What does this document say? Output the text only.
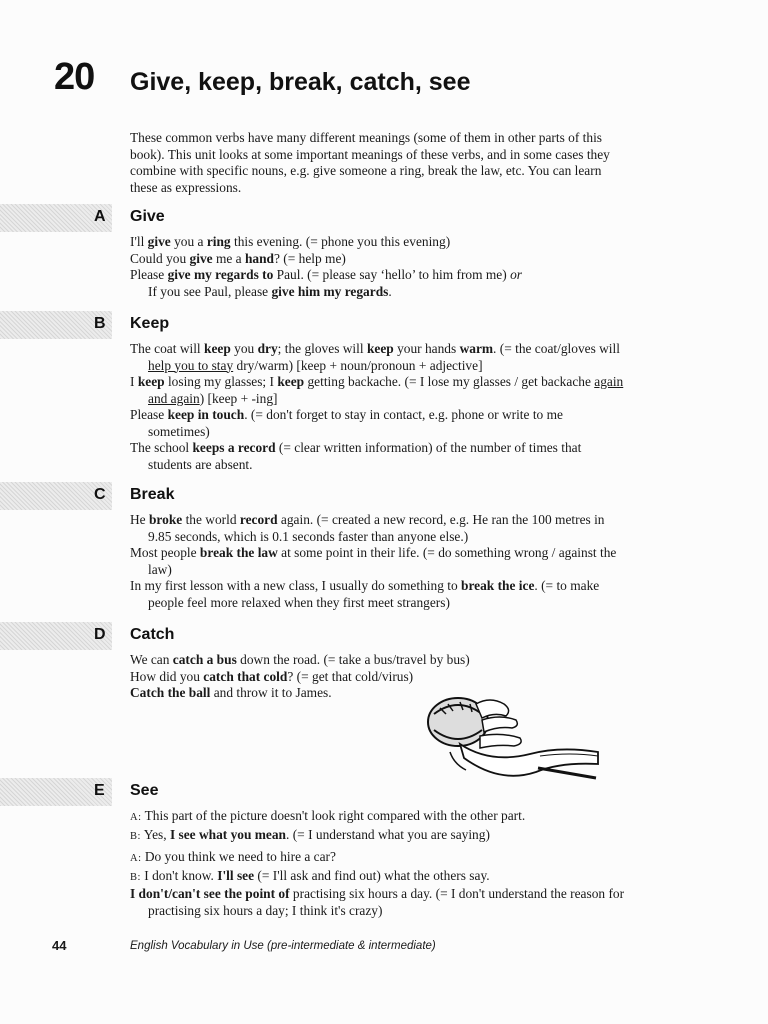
20 Give, keep, break, catch, see

These common verbs have many different meanings (some of them in other parts of this

book). This unit looks at some important meanings of these verbs, and in some cases they

combine with specific nouns, e.g. give someone a ring, break the law, etc. You can learn

these as expressions.

A Give

I'll give you a ring this evening. (= phone you this evening)

Could you give me a hand? (= help me)

Please give my regards to Paul. (= please say ‘hello’ to him from me) or

If you see Paul, please give him my regards.

B Keep

The coat will keep you dry; the gloves will keep your hands warm. (= the coat/gloves will

help you to stay dry/warm) [keep + noun/pronoun + adjective]

I keep losing my glasses; I keep getting backache. (= I lose my glasses / get backache again

and again) [keep + -ing]

Please keep in touch. (= don't forget to stay in contact, e.g. phone or write to me

sometimes)

The school keeps a record (= clear written information) of the number of times that

students are absent.

C Break

He broke the world record again. (= created a new record, e.g. He ran the 100 metres in

9.85 seconds, which is 0.1 seconds faster than anyone else.)

Most people break the law at some point in their life. (= do something wrong / against the

law)

In my first lesson with a new class, I usually do something to break the ice. (= to make

people feel more relaxed when they first meet strangers)

D Catch

We can catch a bus down the road. (= take a bus/travel by bus)

How did you catch that cold? (= get that cold/virus)

Catch the ball and throw it to James.

E See

A: This part of the picture doesn't look right compared with the other part.

B: Yes, I see what you mean. (= I understand what you are saying)

A: Do you think we need to hire a car?

B: I don't know. I'll see (= I'll ask and find out) what the others say.

I don't/can't see the point of practising six hours a day. (= I don't understand the reason for

practising six hours a day; I think it's crazy)

44	English Vocabulary in Use (pre-intermediate & intermediate)
